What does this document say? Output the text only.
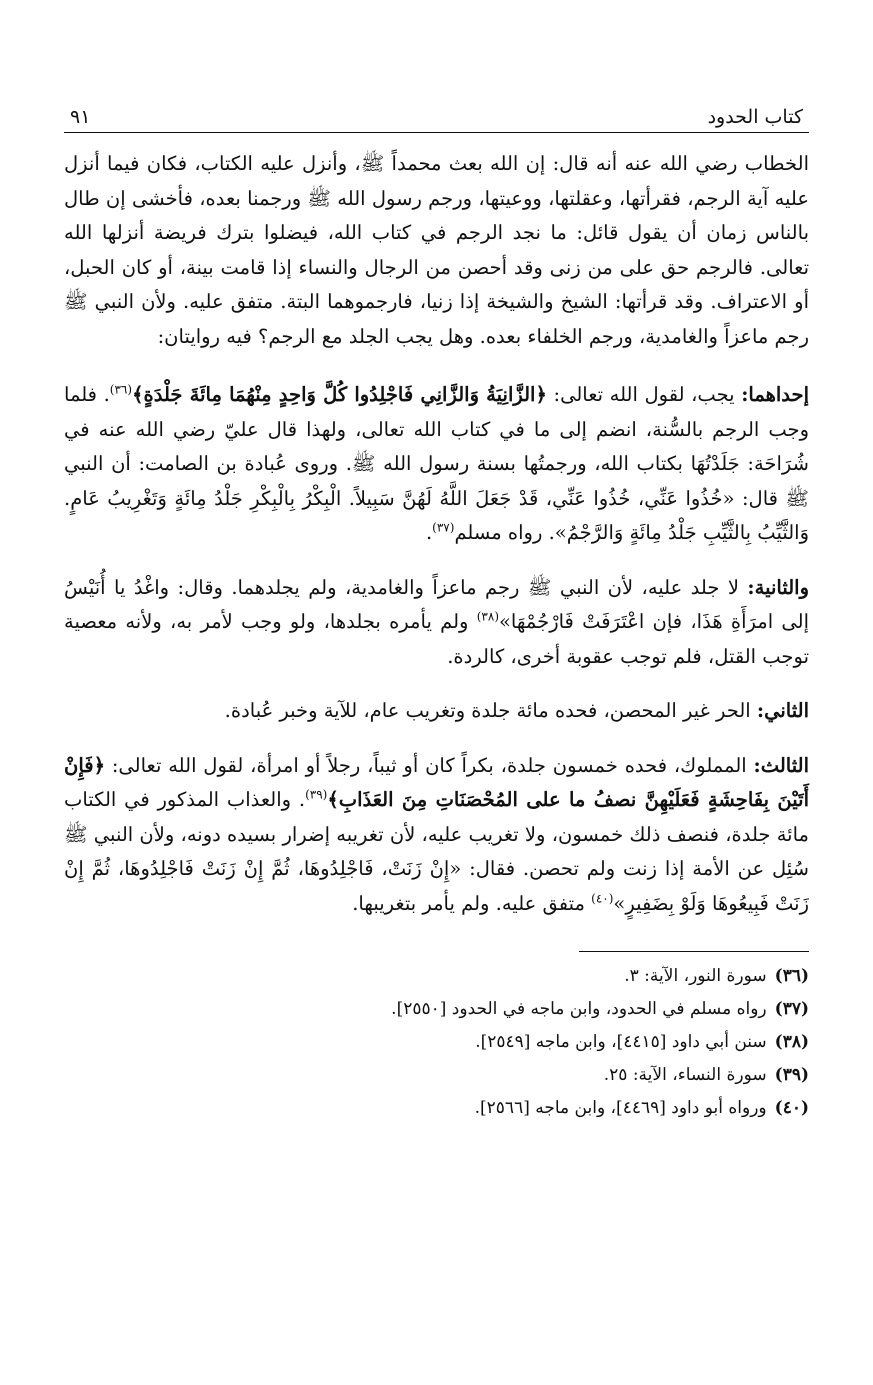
كتاب الحدود
٩١

الخطاب رضي الله عنه أنه قال: إن الله بعث محمداً ﷺ، وأنزل عليه الكتاب، فكان فيما أنزل عليه آية الرجم، فقرأتها، وعقلتها، ووعيتها، ورجم رسول الله ﷺ ورجمنا بعده، فأخشى إن طال بالناس زمان أن يقول قائل: ما نجد الرجم في كتاب الله، فيضلوا بترك فريضة أنزلها الله تعالى. فالرجم حق على من زنى وقد أحصن من الرجال والنساء إذا قامت بينة، أو كان الحبل، أو الاعتراف. وقد قرأتها: الشيخ والشيخة إذا زنيا، فارجموهما البتة. متفق عليه. ولأن النبي ﷺ رجم ماعزاً والغامدية، ورجم الخلفاء بعده. وهل يجب الجلد مع الرجم؟ فيه روايتان:

إحداهما: يجب، لقول الله تعالى: ﴿الزَّانِيَةُ وَالزَّانِي فَاجْلِدُوا كُلَّ وَاحِدٍ مِنْهُمَا مِائَةَ جَلْدَةٍ﴾$^{(٣٦)}$. فلما وجب الرجم بالسُّنة، انضم إلى ما في كتاب الله تعالى، ولهذا قال عليّ رضي الله عنه في شُرَاحَة: جَلَدْتُهَا بكتاب الله، ورجمتُها بسنة رسول الله ﷺ. وروى عُبادة بن الصامت: أن النبي ﷺ قال: «خُذُوا عَنِّي، خُذُوا عَنِّي، قَدْ جَعَلَ اللَّهُ لَهُنَّ سَبِيلاً. الْبِكْرُ بِالْبِكْرِ جَلْدُ مِائَةٍ وَتَغْرِيبُ عَامٍ. وَالثَّيِّبُ بِالثَّيِّبِ جَلْدُ مِائَةٍ وَالرَّجْمُ». رواه مسلم$^{(٣٧)}$.

والثانية: لا جلد عليه، لأن النبي ﷺ رجم ماعزاً والغامدية، ولم يجلدهما. وقال: واغْدُ يا أُنَيْسُ إلى امرَأَةِ هَذَا، فإن اعْتَرَفَتْ فَارْجُمْهَا»$^{(٣٨)}$ ولم يأمره بجلدها، ولو وجب لأمر به، ولأنه معصية توجب القتل، فلم توجب عقوبة أخرى، كالردة.

الثاني: الحر غير المحصن، فحده مائة جلدة وتغريب عام، للآية وخبر عُبادة.

الثالث: المملوك، فحده خمسون جلدة، بكراً كان أو ثيباً، رجلاً أو امرأة، لقول الله تعالى: ﴿فَإِنْ أَتَيْنَ بِفَاحِشَةٍ فَعَلَيْهِنَّ نصفُ ما على المُحْصَنَاتِ مِنَ العَذَابِ﴾$^{(٣٩)}$. والعذاب المذكور في الكتاب مائة جلدة، فنصف ذلك خمسون، ولا تغريب عليه، لأن تغريبه إضرار بسيده دونه، ولأن النبي ﷺ سُئِل عن الأمة إذا زنت ولم تحصن. فقال: «إِنْ زَنَتْ، فَاجْلِدُوهَا، ثُمَّ إِنْ زَنَتْ فَاجْلِدُوهَا، ثُمَّ إِنْ زَنَتْ فَبِيعُوهَا وَلَوْ بِضَفِيرٍ»$^{(٤٠)}$ متفق عليه. ولم يأمر بتغريبها.

(٣٦)
سورة النور، الآية: ٣.
(٣٧)
رواه مسلم في الحدود، وابن ماجه في الحدود [٢٥٥٠].
(٣٨)
سنن أبي داود [٤٤١٥]، وابن ماجه [٢٥٤٩].
(٣٩)
سورة النساء، الآية: ٢٥.
(٤٠)
ورواه أبو داود [٤٤٦٩]، وابن ماجه [٢٥٦٦].
